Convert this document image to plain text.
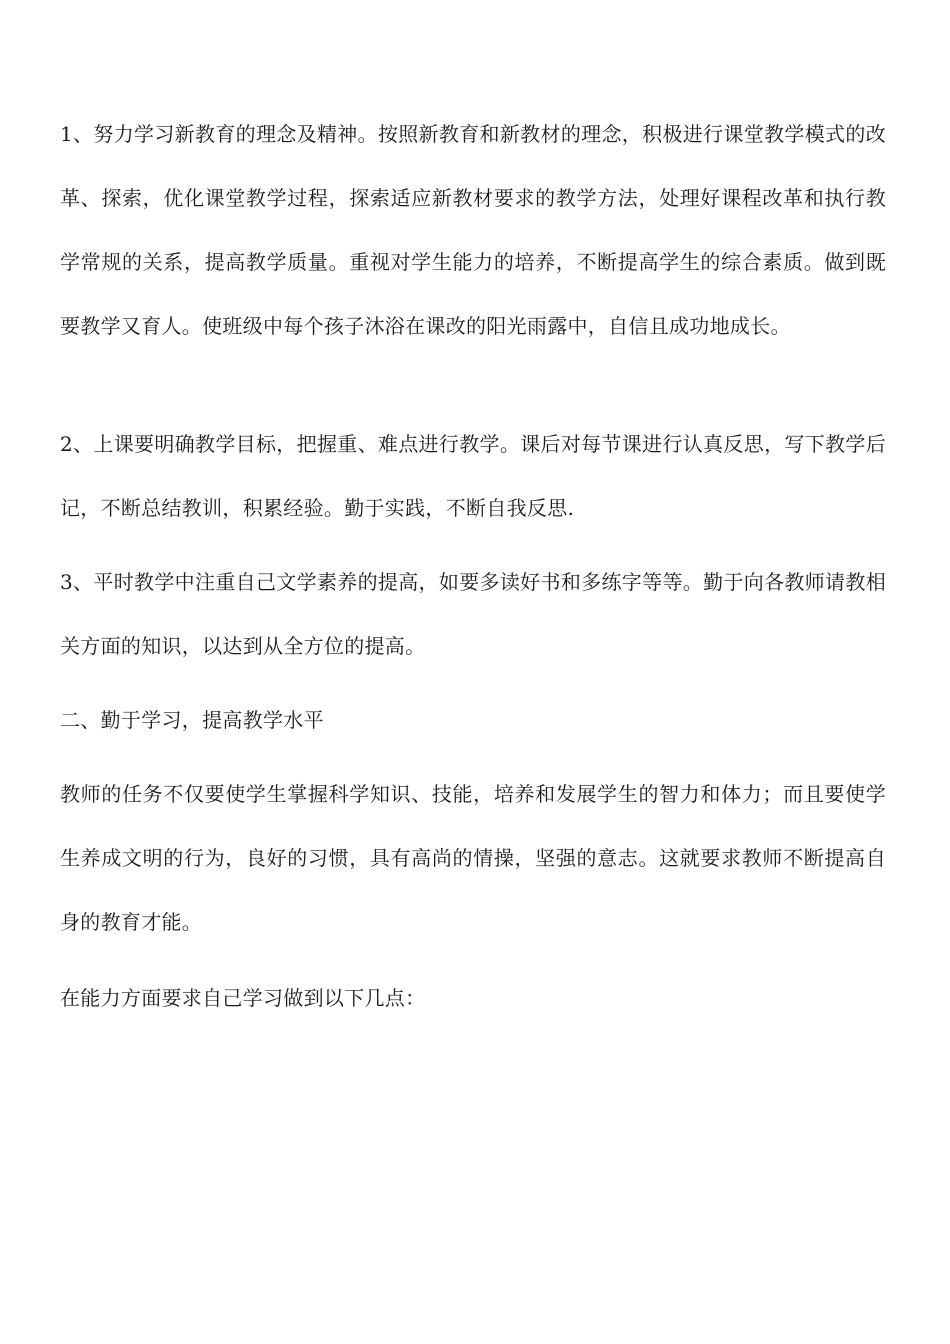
1、努力学习新教育的理念及精神。按照新教育和新教材的理念，积极进行课堂教学模式的改革、探索，优化课堂教学过程，探索适应新教材要求的教学方法，处理好课程改革和执行教学常规的关系，提高教学质量。重视对学生能力的培养，不断提高学生的综合素质。做到既要教学又育人。使班级中每个孩子沐浴在课改的阳光雨露中，自信且成功地成长。

2、上课要明确教学目标，把握重、难点进行教学。课后对每节课进行认真反思，写下教学后记，不断总结教训，积累经验。勤于实践，不断自我反思.

3、平时教学中注重自己文学素养的提高，如要多读好书和多练字等等。勤于向各教师请教相关方面的知识，以达到从全方位的提高。

二、勤于学习，提高教学水平

教师的任务不仅要使学生掌握科学知识、技能，培养和发展学生的智力和体力；而且要使学生养成文明的行为，良好的习惯，具有高尚的情操，坚强的意志。这就要求教师不断提高自身的教育才能。

在能力方面要求自己学习做到以下几点：
